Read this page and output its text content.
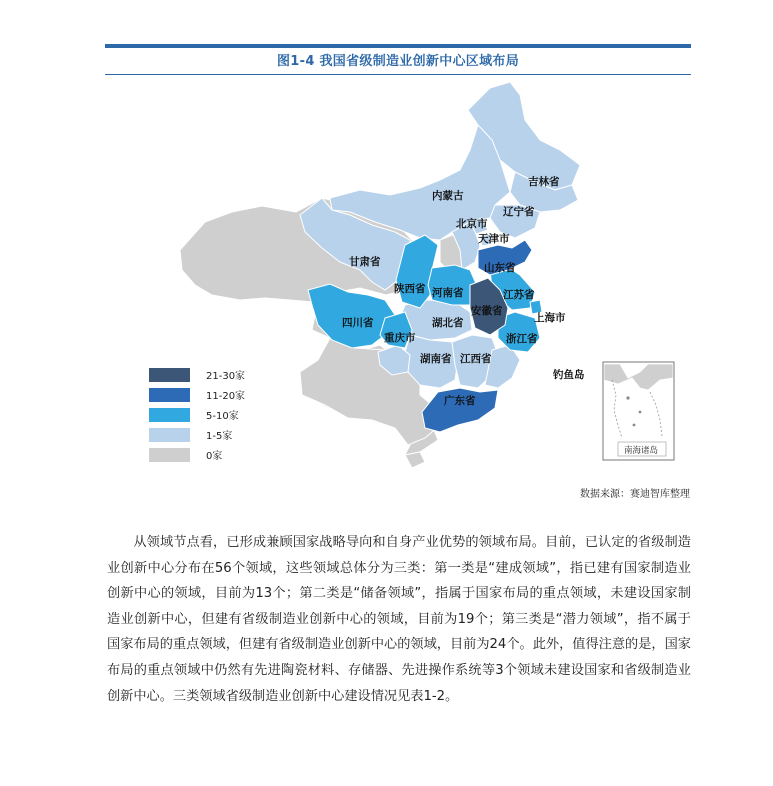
图1-4 我国省级制造业创新中心区域布局
吉林省
内蒙古
辽宁省
北京市
天津市
甘肃省	山东省
陕西省 河南省	江苏省
安徽省
上海市
四川省	湖北省
浙江省
重庆市
湖南省 江西省
钓鱼岛
广东省
21-30家
11-20家
5-10家
1-5家
0家	南海诸岛
数据来源：赛迪智库整理

从领域节点看，已形成兼顾国家战略导向和自身产业优势的领域布局。目前，已认定的省级制造业创新中心分布在56个领域，这些领域总体分为三类：第一类是“建成领域”，指已建有国家制造业创新中心的领域，目前为13个；第二类是“储备领域”，指属于国家布局的重点领域，未建设国家制造业创新中心，但建有省级制造业创新中心的领域，目前为19个；第三类是“潜力领域”，指不属于国家布局的重点领域，但建有省级制造业创新中心的领域，目前为24个。此外，值得注意的是，国家布局的重点领域中仍然有先进陶瓷材料、存储器、先进操作系统等3个领域未建设国家和省级制造业创新中心。三类领域省级制造业创新中心建设情况见表1-2。
